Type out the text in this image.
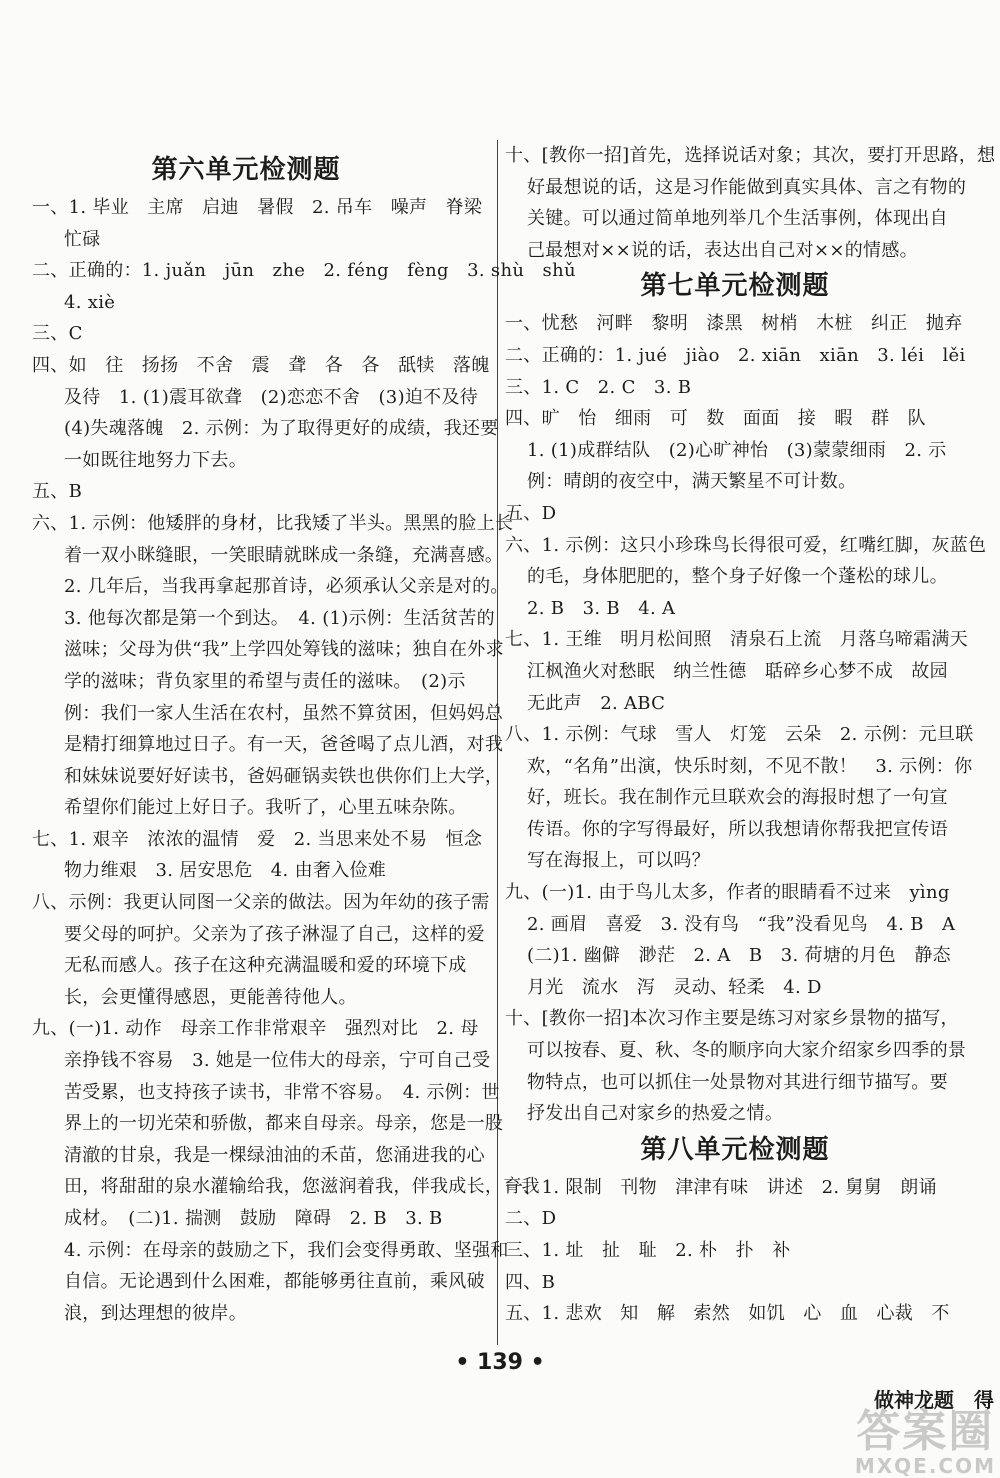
第六单元检测题
一、1. 毕业　主席　启迪　暑假　2. 吊车　噪声　脊梁
忙碌
二、正确的：1. juǎn　jūn　zhe　2. féng　fèng　3. shù　shǔ
4. xiè
三、C
四、如　往　扬扬　不舍　震　聋　各　各　舐犊　落魄
及待　1. (1)震耳欲聋　(2)恋恋不舍　(3)迫不及待
(4)失魂落魄　2. 示例：为了取得更好的成绩，我还要
一如既往地努力下去。
五、B
六、1. 示例：他矮胖的身材，比我矮了半头。黑黑的脸上长
着一双小眯缝眼，一笑眼睛就眯成一条缝，充满喜感。
2. 几年后，当我再拿起那首诗，必须承认父亲是对的。
3. 他每次都是第一个到达。　4. (1)示例：生活贫苦的
滋味；父母为供“我”上学四处筹钱的滋味；独自在外求
学的滋味；背负家里的希望与责任的滋味。　(2)示
例：我们一家人生活在农村，虽然不算贫困，但妈妈总
是精打细算地过日子。有一天，爸爸喝了点儿酒，对我
和妹妹说要好好读书，爸妈砸锅卖铁也供你们上大学，
希望你们能过上好日子。我听了，心里五味杂陈。
七、1. 艰辛　浓浓的温情　爱　2. 当思来处不易　恒念
物力维艰　3. 居安思危　4. 由奢入俭难
八、示例：我更认同图一父亲的做法。因为年幼的孩子需
要父母的呵护。父亲为了孩子淋湿了自己，这样的爱
无私而感人。孩子在这种充满温暖和爱的环境下成
长，会更懂得感恩，更能善待他人。
九、(一)1. 动作　母亲工作非常艰辛　强烈对比　2. 母
亲挣钱不容易　3. 她是一位伟大的母亲，宁可自己受
苦受累，也支持孩子读书，非常不容易。　4. 示例：世
界上的一切光荣和骄傲，都来自母亲。母亲，您是一股
清澈的甘泉，我是一棵绿油油的禾苗，您涌进我的心
田，将甜甜的泉水灌输给我，您滋润着我，伴我成长，育我
成材。　(二)1. 揣测　鼓励　障碍　2. B　3. B
4. 示例：在母亲的鼓励之下，我们会变得勇敢、坚强和
自信。无论遇到什么困难，都能够勇往直前，乘风破
浪，到达理想的彼岸。
十、[教你一招]首先，选择说话对象；其次，要打开思路，想
好最想说的话，这是习作能做到真实具体、言之有物的
关键。可以通过简单地列举几个生活事例，体现出自
己最想对××说的话，表达出自己对××的情感。
第七单元检测题
一、忧愁　河畔　黎明　漆黑　树梢　木桩　纠正　抛弃
二、正确的：1. jué　jiào　2. xiān　xiān　3. léi　lěi
三、1. C　2. C　3. B
四、旷　怡　细雨　可　数　面面　接　暇　群　队
1. (1)成群结队　(2)心旷神怡　(3)蒙蒙细雨　2. 示
例：晴朗的夜空中，满天繁星不可计数。
五、D
六、1. 示例：这只小珍珠鸟长得很可爱，红嘴红脚，灰蓝色
的毛，身体肥肥的，整个身子好像一个蓬松的球儿。
2. B　3. B　4. A
七、1. 王维　明月松间照　清泉石上流　月落乌啼霜满天
江枫渔火对愁眠　纳兰性德　聒碎乡心梦不成　故园
无此声　2. ABC
八、1. 示例：气球　雪人　灯笼　云朵　2. 示例：元旦联
欢，“名角”出演，快乐时刻，不见不散！　3. 示例：你
好，班长。我在制作元旦联欢会的海报时想了一句宣
传语。你的字写得最好，所以我想请你帮我把宣传语
写在海报上，可以吗？
九、(一)1. 由于鸟儿太多，作者的眼睛看不过来　yìng
2. 画眉　喜爱　3. 没有鸟　“我”没看见鸟　4. B　A
(二)1. 幽僻　渺茫　2. A　B　3. 荷塘的月色　静态
月光　流水　泻　灵动、轻柔　4. D
十、[教你一招]本次习作主要是练习对家乡景物的描写，
可以按春、夏、秋、冬的顺序向大家介绍家乡四季的景
物特点，也可以抓住一处景物对其进行细节描写。要
抒发出自己对家乡的热爱之情。
第八单元检测题
一、1. 限制　刊物　津津有味　讲述　2. 舅舅　朗诵
二、D
三、1. 址　扯　耻　2. 朴　扑　补
四、B
五、1. 悲欢　知　解　索然　如饥　心　血　心裁　不
• 139 •
做神龙题　得
答案圈
MXQE.COM
